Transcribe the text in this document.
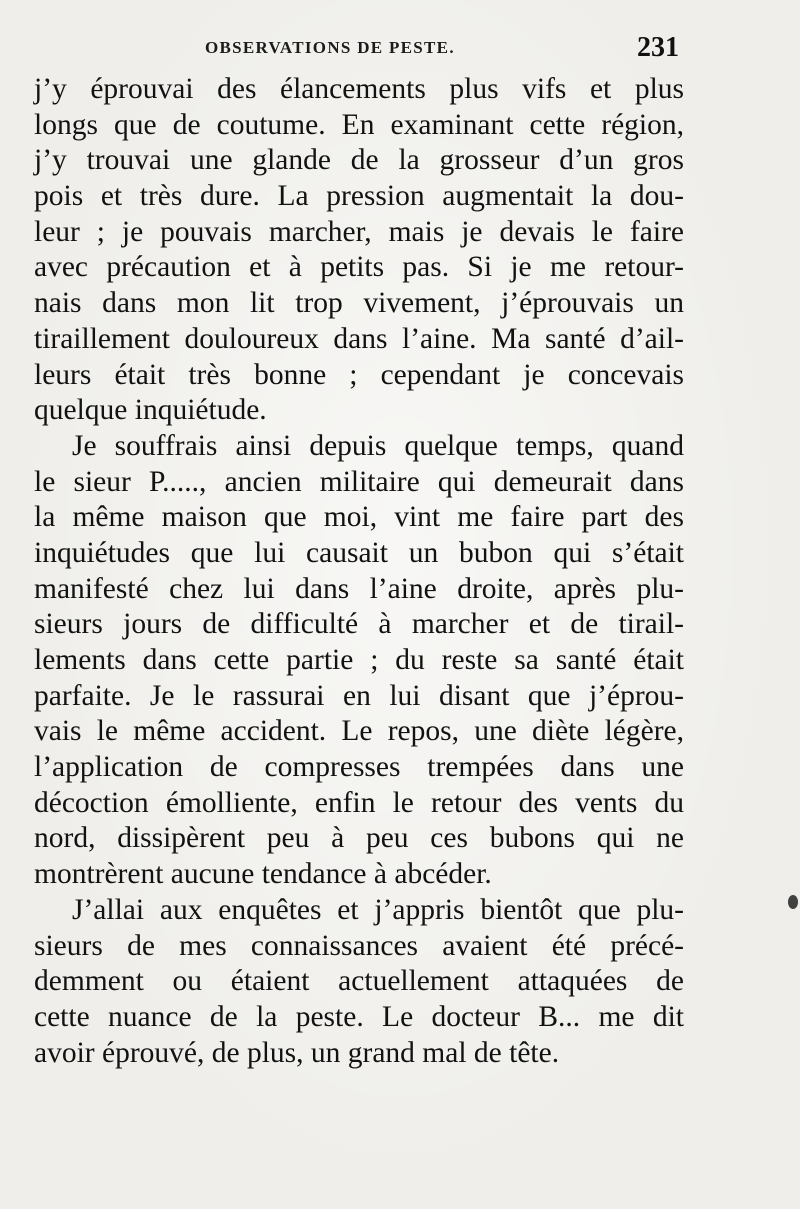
OBSERVATIONS DE PESTE.	231
j’y éprouvai des élancements plus vifs et plus
longs que de coutume. En examinant cette région,
j’y trouvai une glande de la grosseur d’un gros
pois et très dure. La pression augmentait la dou-
leur ; je pouvais marcher, mais je devais le faire
avec précaution et à petits pas. Si je me retour-
nais dans mon lit trop vivement, j’éprouvais un
tiraillement douloureux dans l’aine. Ma santé d’ail-
leurs était très bonne ; cependant je concevais
quelque inquiétude.
Je souffrais ainsi depuis quelque temps, quand
le sieur P....., ancien militaire qui demeurait dans
la même maison que moi, vint me faire part des
inquiétudes que lui causait un bubon qui s’était
manifesté chez lui dans l’aine droite, après plu-
sieurs jours de difficulté à marcher et de tirail-
lements dans cette partie ; du reste sa santé était
parfaite. Je le rassurai en lui disant que j’éprou-
vais le même accident. Le repos, une diète légère,
l’application de compresses trempées dans une
décoction émolliente, enfin le retour des vents du
nord, dissipèrent peu à peu ces bubons qui ne
montrèrent aucune tendance à abcéder.
J’allai aux enquêtes et j’appris bientôt que plu-
sieurs de mes connaissances avaient été précé-
demment ou étaient actuellement attaquées de
cette nuance de la peste. Le docteur B... me dit
avoir éprouvé, de plus, un grand mal de tête.
